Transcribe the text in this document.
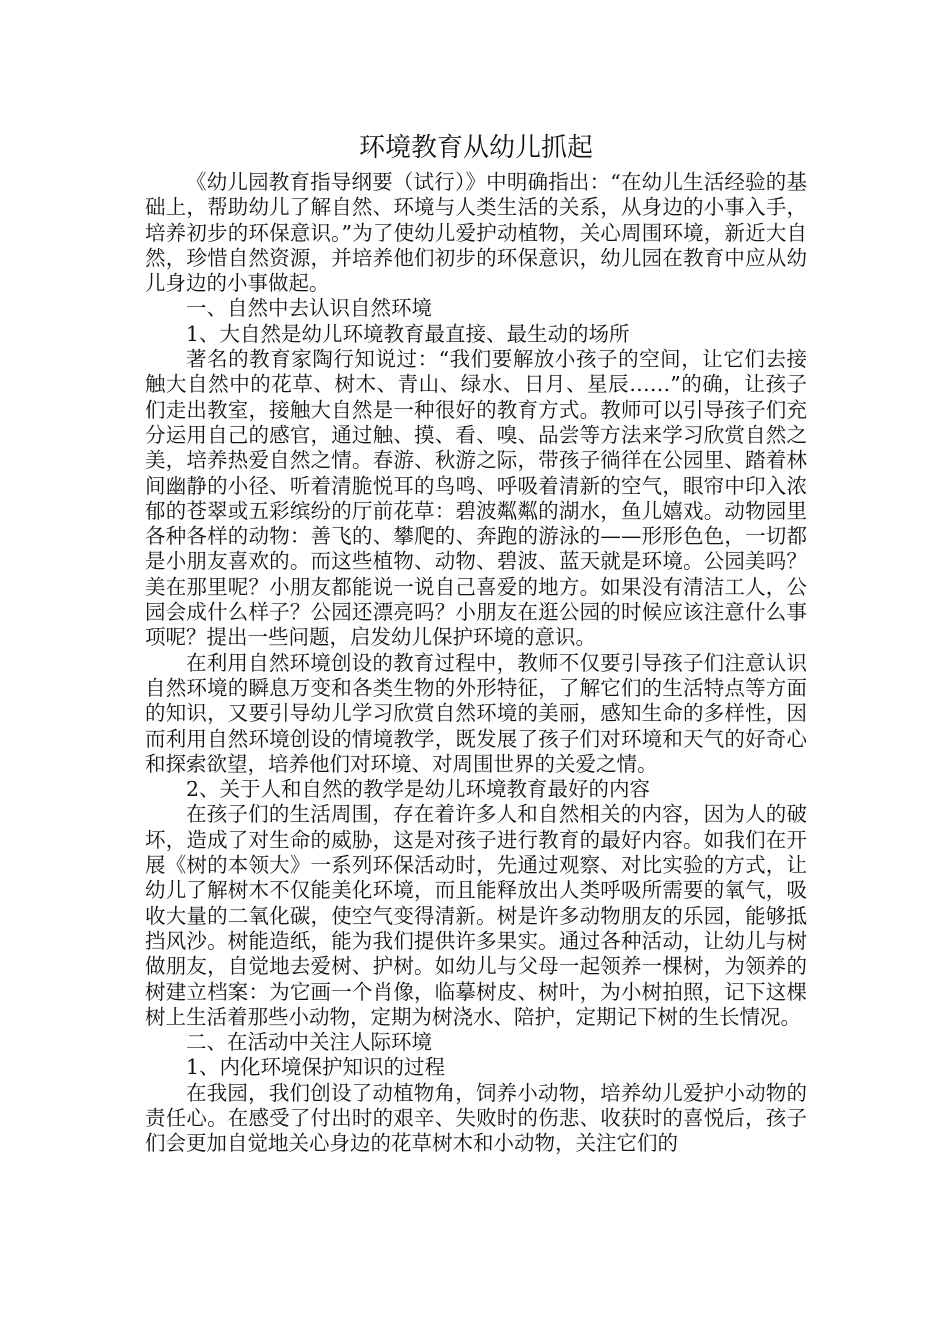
环境教育从幼儿抓起

《幼儿园教育指导纲要（试行）》中明确指出：“在幼儿生活经验的基础上，帮助幼儿了解自然、环境与人类生活的关系，从身边的小事入手，培养初步的环保意识。”为了使幼儿爱护动植物，关心周围环境，新近大自然，珍惜自然资源，并培养他们初步的环保意识，幼儿园在教育中应从幼儿身边的小事做起。

一、自然中去认识自然环境

1、大自然是幼儿环境教育最直接、最生动的场所

著名的教育家陶行知说过：“我们要解放小孩子的空间，让它们去接触大自然中的花草、树木、青山、绿水、日月、星辰……”的确，让孩子们走出教室，接触大自然是一种很好的教育方式。教师可以引导孩子们充分运用自己的感官，通过触、摸、看、嗅、品尝等方法来学习欣赏自然之美，培养热爱自然之情。春游、秋游之际，带孩子徜徉在公园里、踏着林间幽静的小径、听着清脆悦耳的鸟鸣、呼吸着清新的空气，眼帘中印入浓郁的苍翠或五彩缤纷的厅前花草：碧波粼粼的湖水，鱼儿嬉戏。动物园里各种各样的动物：善飞的、攀爬的、奔跑的游泳的——形形色色，一切都是小朋友喜欢的。而这些植物、动物、碧波、蓝天就是环境。公园美吗？美在那里呢？小朋友都能说一说自己喜爱的地方。如果没有清洁工人，公园会成什么样子？公园还漂亮吗？小朋友在逛公园的时候应该注意什么事项呢？提出一些问题，启发幼儿保护环境的意识。

在利用自然环境创设的教育过程中，教师不仅要引导孩子们注意认识自然环境的瞬息万变和各类生物的外形特征，了解它们的生活特点等方面的知识，又要引导幼儿学习欣赏自然环境的美丽，感知生命的多样性，因而利用自然环境创设的情境教学，既发展了孩子们对环境和天气的好奇心和探索欲望，培养他们对环境、对周围世界的关爱之情。

2、关于人和自然的教学是幼儿环境教育最好的内容

在孩子们的生活周围，存在着许多人和自然相关的内容，因为人的破坏，造成了对生命的威胁，这是对孩子进行教育的最好内容。如我们在开展《树的本领大》一系列环保活动时，先通过观察、对比实验的方式，让幼儿了解树木不仅能美化环境，而且能释放出人类呼吸所需要的氧气，吸收大量的二氧化碳，使空气变得清新。树是许多动物朋友的乐园，能够抵挡风沙。树能造纸，能为我们提供许多果实。通过各种活动，让幼儿与树做朋友，自觉地去爱树、护树。如幼儿与父母一起领养一棵树，为领养的树建立档案：为它画一个肖像，临摹树皮、树叶，为小树拍照，记下这棵树上生活着那些小动物，定期为树浇水、陪护，定期记下树的生长情况。

二、在活动中关注人际环境

1、内化环境保护知识的过程

在我园，我们创设了动植物角，饲养小动物，培养幼儿爱护小动物的责任心。在感受了付出时的艰辛、失败时的伤悲、收获时的喜悦后，孩子们会更加自觉地关心身边的花草树木和小动物，关注它们的
